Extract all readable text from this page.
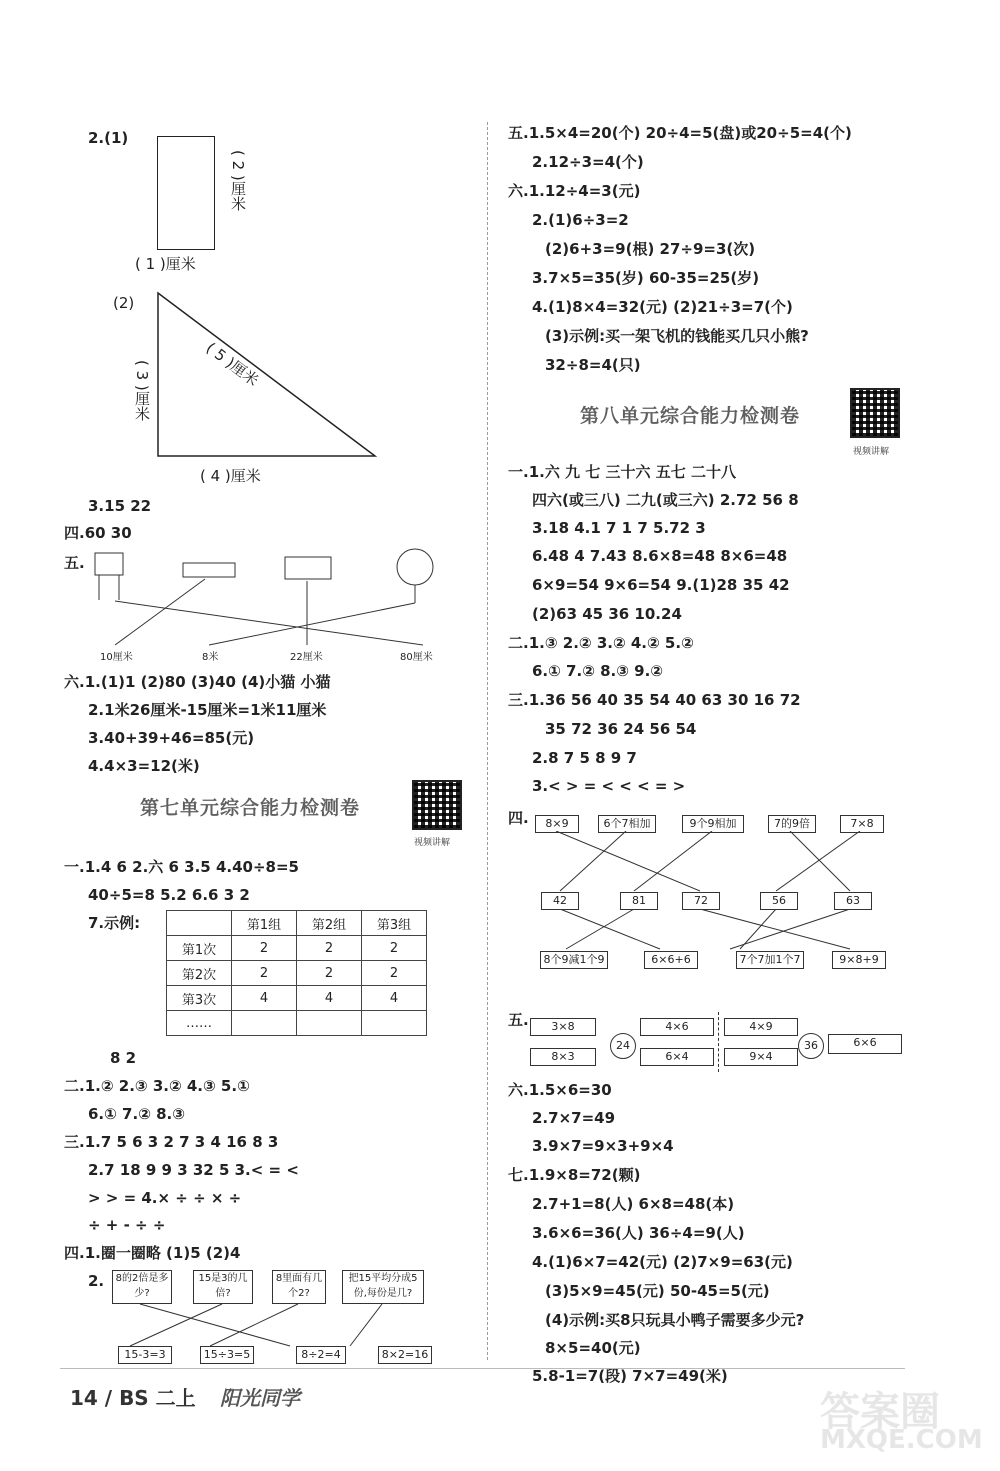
2.(1)
( 2 )厘米
( 1 )厘米
(2)
( 5 )厘米
( 3 )厘米
( 4 )厘米
3.15 22
四.60 30
五.
10厘米	8米	22厘米	80厘米
六.1.(1)1 (2)80 (3)40 (4)小猫 小猫
2.1米26厘米-15厘米=1米11厘米
3.40+39+46=85(元)
4.4×3=12(米)
第七单元综合能力检测卷
视频讲解
一.1.4 6 2.六 6 3.5 4.40÷8=5
40÷5=8 5.2 6.6 3 2
7.示例:
		第1组	第2组	第3组
第1次	2	2	2
第2次	2	2	2
第3次	4	4	4
……			
8 2
二.1.② 2.③ 3.② 4.③ 5.①
6.① 7.② 8.③
三.1.7 5 6 3 2 7 3 4 16 8 3
2.7 18 9 9 3 32 5 3.< = <
> > = 4.× ÷ ÷ × ÷
÷ + - ÷ ÷
四.1.圈一圈略 (1)5 (2)4
2.	8的2倍是多少?
15是3的几倍?
8里面有几个2?
把15平均分成5份,每份是几?
15-3=3	15÷3=5	8÷2=4	8×2=16
五.1.5×4=20(个) 20÷4=5(盘)或20÷5=4(个)
2.12÷3=4(个)
六.1.12÷4=3(元)
2.(1)6÷3=2
(2)6+3=9(根) 27÷9=3(次)
3.7×5=35(岁) 60-35=25(岁)
4.(1)8×4=32(元) (2)21÷3=7(个)
(3)示例:买一架飞机的钱能买几只小熊?
32÷8=4(只)
第八单元综合能力检测卷
视频讲解
一.1.六 九 七 三十六 五七 二十八
四六(或三八) 二九(或三六) 2.72 56 8
3.18 4.1 7 1 7 5.72 3
6.48 4 7.43 8.6×8=48 8×6=48
6×9=54 9×6=54 9.(1)28 35 42
(2)63 45 36 10.24
二.1.③ 2.② 3.② 4.② 5.②
6.① 7.② 8.③ 9.②
三.1.36 56 40 35 54 40 63 30 16 72
35 72 36 24 56 54
2.8 7 5 8 9 7
3.< > = < < < = >
四.	8×9	6个7相加	9个9相加	7的9倍	7×8
42	81	72	56	63
8个9减1个9	6×6+6	7个7加1个7	9×8+9
五.	3×8
8×3
24
4×6
6×4
4×9
9×4
36	6×6
六.1.5×6=30
2.7×7=49
3.9×7=9×3+9×4
七.1.9×8=72(颗)
2.7+1=8(人) 6×8=48(本)
3.6×6=36(人) 36÷4=9(人)
4.(1)6×7=42(元) (2)7×9=63(元)
(3)5×9=45(元) 50-45=5(元)
(4)示例:买8只玩具小鸭子需要多少元?
8×5=40(元)
5.8-1=7(段) 7×7=49(米)
14 / BS 二上 阳光同学	答案圈
MXQE.COM
